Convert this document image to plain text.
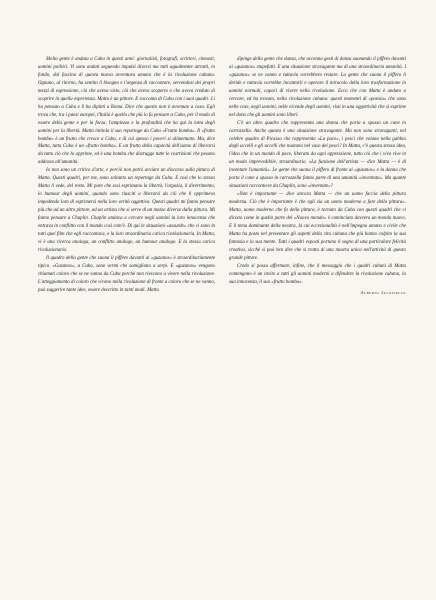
Molta gente è andata a Cuba in questi anni: giornalisti, fotografi, scrittori, cineasti, uomini politici. Vi sono andati seguendo impulsi diversi ma tutti ugualmente attratti, in fondo, dal fascino di questa nuova avventura umana che è la rivoluzione cubana. Ognuno, al ritorno, ha sentito il bisogno e l'urgenza di raccontare, servendosi dei propri mezzi di espressione, ciò che aveva visto, ciò che aveva scoperto o che aveva creduto di scoprire in quella esperienza. Matta è un pittore. E racconta di Cuba con i suoi quadri. Lì ha pensato a Cuba e lì ha dipinti a Roma. Dice che questo non è avvenuto a caso. Egli trova che, tra i paesi europei, l'Italia è quello che più lo fa pensare a Cuba, per il modo di essere della gente e per la forza, l'ampiezza e la profondità che ha qui la lotta degli uomini per la libertà. Matta intitola il suo reportage da Cuba «Frutto bomba». Il «frutto bomba» è un frutto che cresce a Cuba, e di cui spesso i poveri si alimentano. Ma, dice Matta, tutta Cuba è un «frutto bomba». E un frutto della capacità dell'uomo di liberarsi da tutto ciò che lo opprime, ed è una bomba che distrugge tutte le costrizioni che pesano addosso all'umanità.

Io non sono un critico d'arte, e perciò non potrò avviare un discorso sulla pittura di Matta. Questi quadri, per me, sono soltanto un reportage da Cuba. E così che lo stesso Matta li vede, del resto. Mi pare che essi esprimano la libertà, l'argozia, il divertimento, lo humour degli uomini, quando sono riusciti a liberarsi da ciò che li opprimeva impedendo loro di esprimersi nella loro verità oggettiva. Questi quadri mi fanno pensare più che ad un altro pittore, ad un artista che si serve di un mezzo diverso dalla pittura. Mi fanno pensare a Chaplin. Chaplin andava a cercare negli uomini la loro innocenza che entrava in conflitto con il mondo così com'è. Di qui le situazioni «assurde» che ci sono in tutti quei film che egli raccontava, e la loro straordinaria carica rivoluzionaria. In Matta, vi è una ricerca analoga, un conflitto analogo, un humour analogo. E la stessa carica rivoluzionaria.

Il quadro della gente che suona il piffero davanti ai «guzanos» è straordinariamente tipico. «Guzanos», a Cuba, sono vermi che somigliano a serpi. E «guzanos» vengono chiamati coloro che se ne vanno da Cuba perché non riescono a vivere nella rivoluzione. L'atteggiamento di coloro che vivono nella rivoluzione di fronte a coloro che se ne vanno, può suggerire tante idee, essere descritto in tanti modi. Matta

dipinge della gente che danza, che accenna gesti di danza suonando il piffero davanti ai «guzanos» stupefatti. E una situazione stravagante ma di una straordinaria umanità. I «guzanos» se ne vanno e tuttavia vorrebbero restare. La gente che suona il piffero li deride e tuttavia vorrebbe incantarli e operare il miracolo della loro trasformazione in uomini normali, capaci di vivere nella rivoluzione. Ecco che con Matta è andato a cercare, ed ha trovato, nella rivoluzione cubana: questi momenti di «poesia» che sono nelle cose, negli uomini, nelle vicende degli uomini, visti in una oggettività che si esprime nel dono che gli uomini sono liberi.

C'è un altro quadro che rappresenta una donna che porta a spasso un cane in carrozzella. Anche questa è una situazione stravagante. Ma non sono stravaganti, nel celebre quadro di Picasso che rappresenta «La pace», i pesci che volano nella gabbia degli uccelli e gli uccelli che nuotano nel vaso dei pesci? In Matta, c'è questa stessa idea, l'idea che in un mondo di pace, liberato da ogni oppressione, tutto ciò che i vivo vive in un modo imprevedibile, straordinario. «La funzione dell'artista — dice Matta — è di inventare l'umanità». Le gente che suona il piffero di fronte ai «guzanos» e la donna che porta il cane a spasso in carrozzella fanno parte di una umanità «inventata». Ma quante situazioni racconta-te da Chaplin, sono «inventate»?

«Non è importante — dice ancora Matta — che un uomo faccia della pittura moderna. Ciò che è importante è che egli sia un uomo moderno a fare della pittura». Matta, uomo moderno che fa della pittura, è tornato da Cuba con questi quadri che ci dicono come in quella parte del «Nuovo mondo» è cominciato davvero un mondo nuovo. E il tema dominante della mostra, la cui eccezionalità è nell'impegno umano e civile che Matta ha posto nel presentare gli aspetti della vita cubana che più hanno colpito la sua fantasia e la sua mente. Tutti i quadri esposti portano il segno di una particolare felicità creativa, sicché si può ben dire che si tratta di una mostra unica nell'attività di questo grande pittore.

Credo si possa affermare, infine, che il messaggio che i quadri cubani di Matta contengono è un invito a tutti gli uomini moderni a difendere la rivoluzione cubana, la sua innocenza, il suo «frutto bomba».

Alberto Jacoviello
